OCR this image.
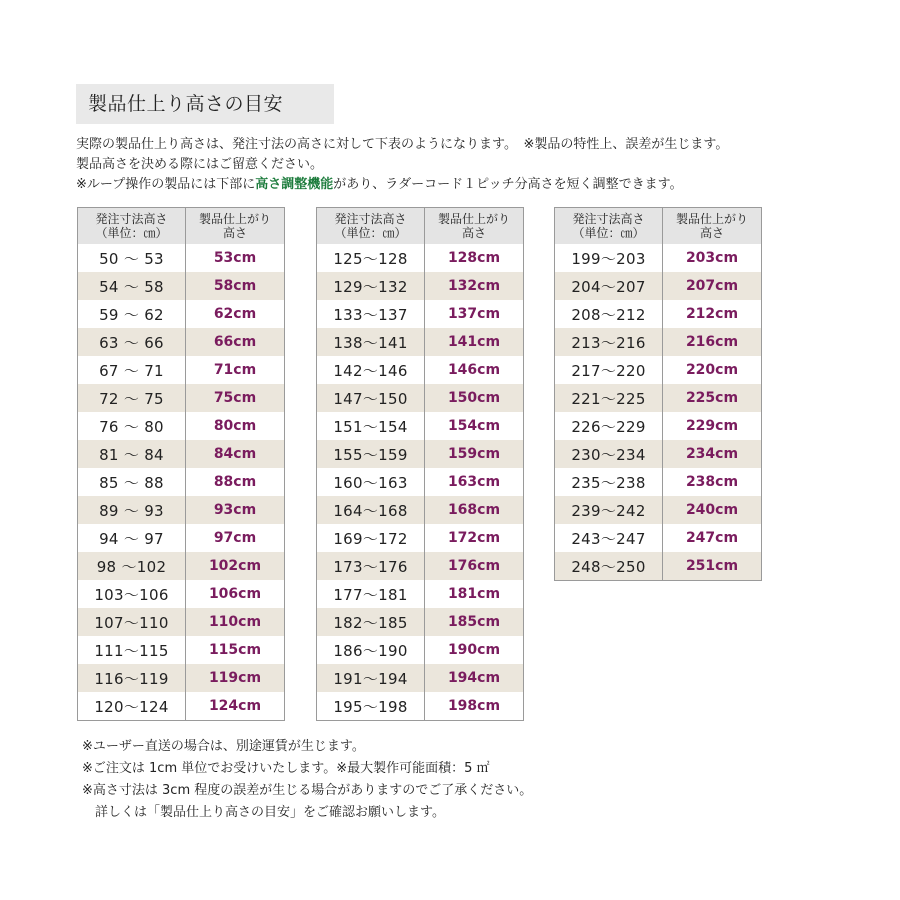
製品仕上り高さの目安
実際の製品仕上り高さは、発注寸法の高さに対して下表のようになります。　※製品の特性上、誤差が生じます。
製品高さを決める際にはご留意ください。
※ループ操作の製品には下部に高さ調整機能があり、ラダーコード１ピッチ分高さを短く調整できます。
発注寸法高さ
（単位：㎝）	製品仕上がり
高さ
50 ～ 53	53cm
54 ～ 58	58cm
59 ～ 62	62cm
63 ～ 66	66cm
67 ～ 71	71cm
72 ～ 75	75cm
76 ～ 80	80cm
81 ～ 84	84cm
85 ～ 88	88cm
89 ～ 93	93cm
94 ～ 97	97cm
98 ～102	102cm
103～106	106cm
107～110	110cm
111～115	115cm
116～119	119cm
120～124	124cm
発注寸法高さ
（単位：㎝）	製品仕上がり
高さ
125～128	128cm
129～132	132cm
133～137	137cm
138～141	141cm
142～146	146cm
147～150	150cm
151～154	154cm
155～159	159cm
160～163	163cm
164～168	168cm
169～172	172cm
173～176	176cm
177～181	181cm
182～185	185cm
186～190	190cm
191～194	194cm
195～198	198cm
発注寸法高さ
（単位：㎝）	製品仕上がり
高さ
199～203	203cm
204～207	207cm
208～212	212cm
213～216	216cm
217～220	220cm
221～225	225cm
226～229	229cm
230～234	234cm
235～238	238cm
239～242	240cm
243～247	247cm
248～250	251cm
※ユーザー直送の場合は、別途運賃が生じます。
※ご注文は 1cm 単位でお受けいたします。※最大製作可能面積：5 ㎡
※高さ寸法は 3cm 程度の誤差が生じる場合がありますのでご了承ください。
　詳しくは「製品仕上り高さの目安」をご確認お願いします。
